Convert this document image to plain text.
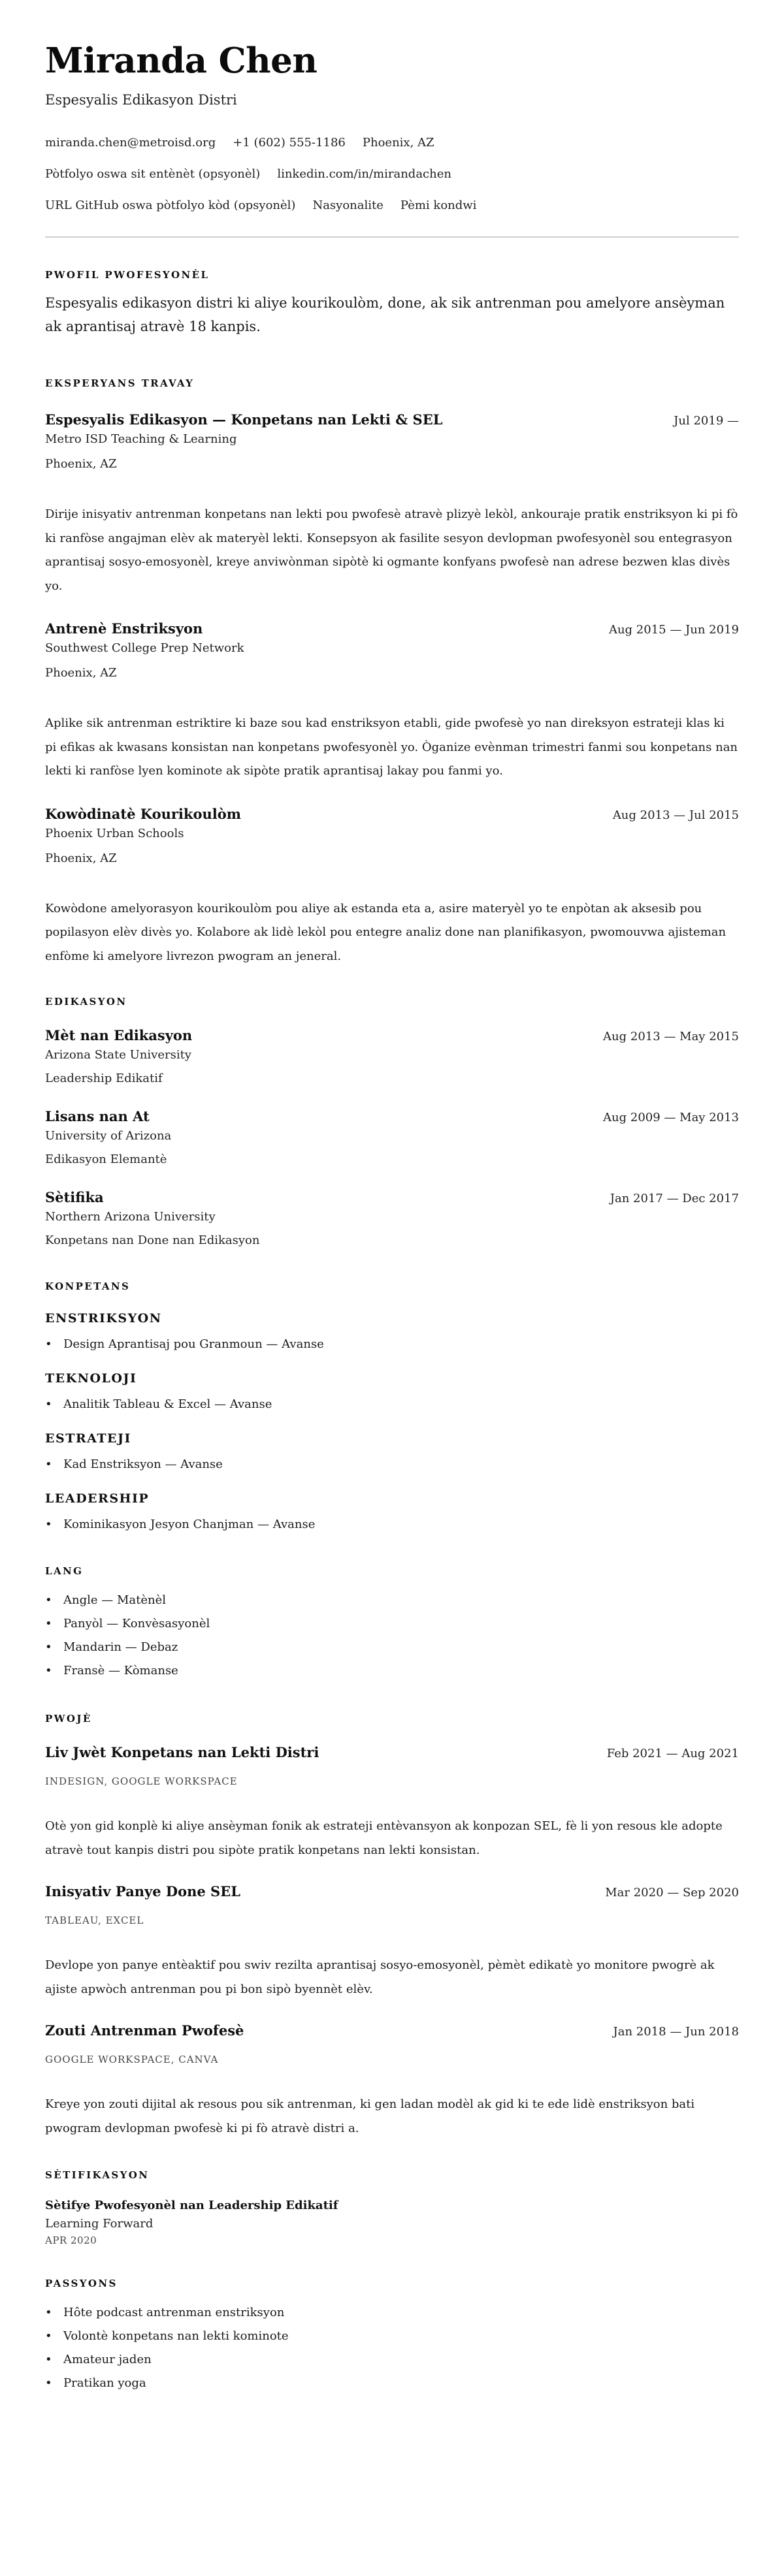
Miranda Chen
Espesyalis Edikasyon Distri
miranda.chen@metroisd.org +1 (602) 555-1186 Phoenix, AZ
Pòtfolyo oswa sit entènèt (opsyonèl) linkedin.com/in/mirandachen
URL GitHub oswa pòtfolyo kòd (opsyonèl) Nasyonalite Pèmi kondwi
PWOFIL PWOFESYONÈL

Espesyalis edikasyon distri ki aliye kourikoulòm, done, ak sik antrenman pou amelyore ansèyman ak aprantisaj atravè 18 kanpis.

EKSPERYANS TRAVAY
Espesyalis Edikasyon — Konpetans nan Lekti & SEL	Jul 2019 —
Metro ISD Teaching & Learning
Phoenix, AZ

Dirije inisyativ antrenman konpetans nan lekti pou pwofesè atravè plizyè lekòl, ankouraje pratik enstriksyon ki pi fò ki ranfòse angajman elèv ak materyèl lekti. Konsepsyon ak fasilite sesyon devlopman pwofesyonèl sou entegrasyon aprantisaj sosyo-emosyonèl, kreye anviwònman sipòtè ki ogmante konfyans pwofesè nan adrese bezwen klas divès yo.

Antrenè Enstriksyon	Aug 2015 — Jun 2019
Southwest College Prep Network
Phoenix, AZ

Aplike sik antrenman estriktire ki baze sou kad enstriksyon etabli, gide pwofesè yo nan direksyon estrateji klas ki pi efikas ak kwasans konsistan nan konpetans pwofesyonèl yo. Òganize evènman trimestri fanmi sou konpetans nan lekti ki ranfòse lyen kominote ak sipòte pratik aprantisaj lakay pou fanmi yo.

Kowòdinatè Kourikoulòm	Aug 2013 — Jul 2015
Phoenix Urban Schools
Phoenix, AZ

Kowòdone amelyorasyon kourikoulòm pou aliye ak estanda eta a, asire materyèl yo te enpòtan ak aksesib pou popilasyon elèv divès yo. Kolabore ak lidè lekòl pou entegre analiz done nan planifikasyon, pwomouvwa ajisteman enfòme ki amelyore livrezon pwogram an jeneral.

EDIKASYON
Mèt nan Edikasyon	Aug 2013 — May 2015
Arizona State University
Leadership Edikatif
Lisans nan At	Aug 2009 — May 2013
University of Arizona
Edikasyon Elemantè
Sètifika	Jan 2017 — Dec 2017
Northern Arizona University
Konpetans nan Done nan Edikasyon
KONPETANS
ENSTRIKSYON
• Design Aprantisaj pou Granmoun — Avanse
TEKNOLOJI
• Analitik Tableau & Excel — Avanse
ESTRATEJI
• Kad Enstriksyon — Avanse
LEADERSHIP
• Kominikasyon Jesyon Chanjman — Avanse
LANG
• Angle — Matènèl
• Panyòl — Konvèsasyonèl
• Mandarin — Debaz
• Fransè — Kòmanse
PWOJÈ
Liv Jwèt Konpetans nan Lekti Distri	Feb 2021 — Aug 2021
INDESIGN, GOOGLE WORKSPACE

Otè yon gid konplè ki aliye ansèyman fonik ak estrateji entèvansyon ak konpozan SEL, fè li yon resous kle adopte atravè tout kanpis distri pou sipòte pratik konpetans nan lekti konsistan.

Inisyativ Panye Done SEL	Mar 2020 — Sep 2020
TABLEAU, EXCEL

Devlope yon panye entèaktif pou swiv rezilta aprantisaj sosyo-emosyonèl, pèmèt edikatè yo monitore pwogrè ak ajiste apwòch antrenman pou pi bon sipò byennèt elèv.

Zouti Antrenman Pwofesè	Jan 2018 — Jun 2018
GOOGLE WORKSPACE, CANVA

Kreye yon zouti dijital ak resous pou sik antrenman, ki gen ladan modèl ak gid ki te ede lidè enstriksyon bati pwogram devlopman pwofesè ki pi fò atravè distri a.

SÈTIFIKASYON
Sètifye Pwofesyonèl nan Leadership Edikatif
Learning Forward
APR 2020
PASSYONS
• Hôte podcast antrenman enstriksyon
• Volontè konpetans nan lekti kominote
• Amateur jaden
• Pratikan yoga
